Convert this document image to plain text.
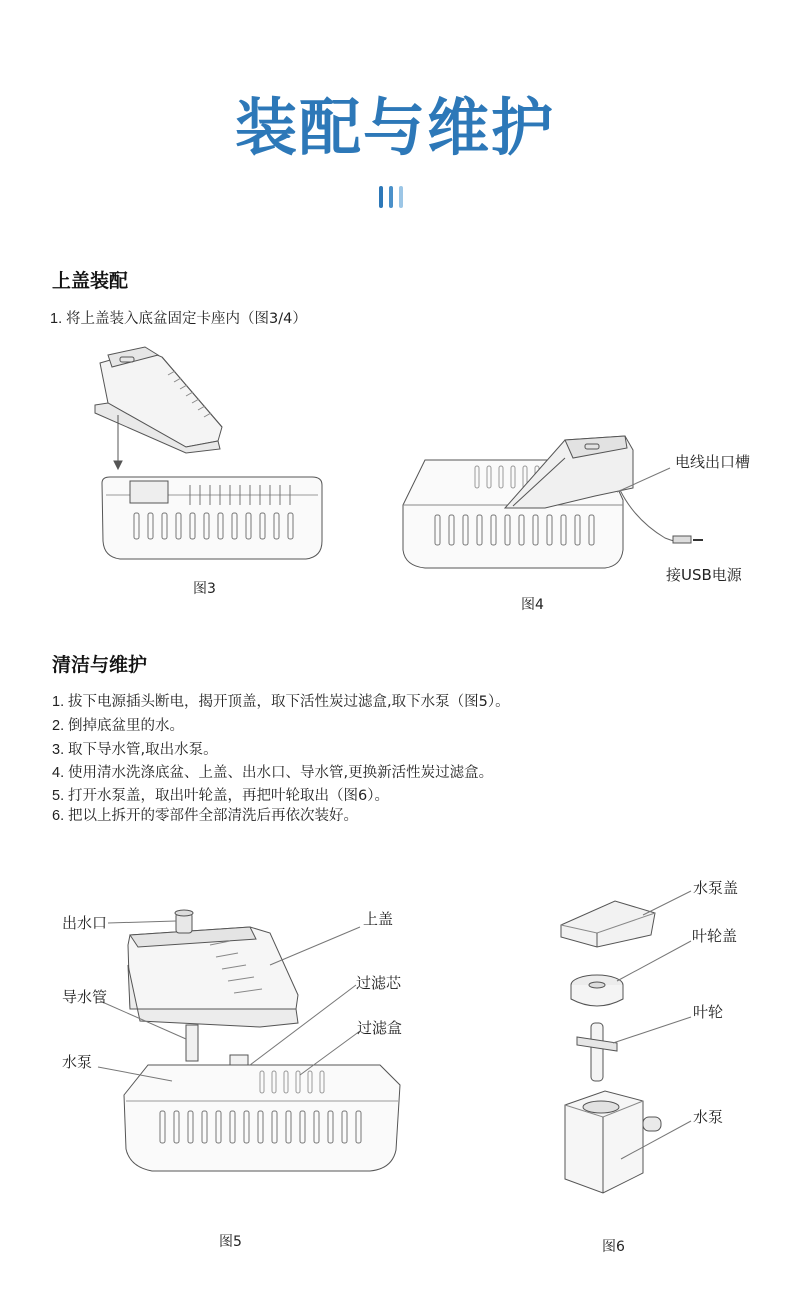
装配与维护
上盖装配
1. 将上盖装入底盆固定卡座内（图3/4）
图3
电线出口槽
接USB电源
图4
清洁与维护
1. 拔下电源插头断电，揭开顶盖，取下活性炭过滤盒,取下水泵（图5）。
2. 倒掉底盆里的水。
3. 取下导水管,取出水泵。
4. 使用清水洗涤底盆、上盖、出水口、导水管,更换新活性炭过滤盒。
5. 打开水泵盖，取出叶轮盖，再把叶轮取出（图6）。
6. 把以上拆开的零部件全部清洗后再依次装好。
出水口	上盖
过滤芯
导水管
过滤盒
水泵
图5
水泵盖
叶轮盖
叶轮
水泵
图6
